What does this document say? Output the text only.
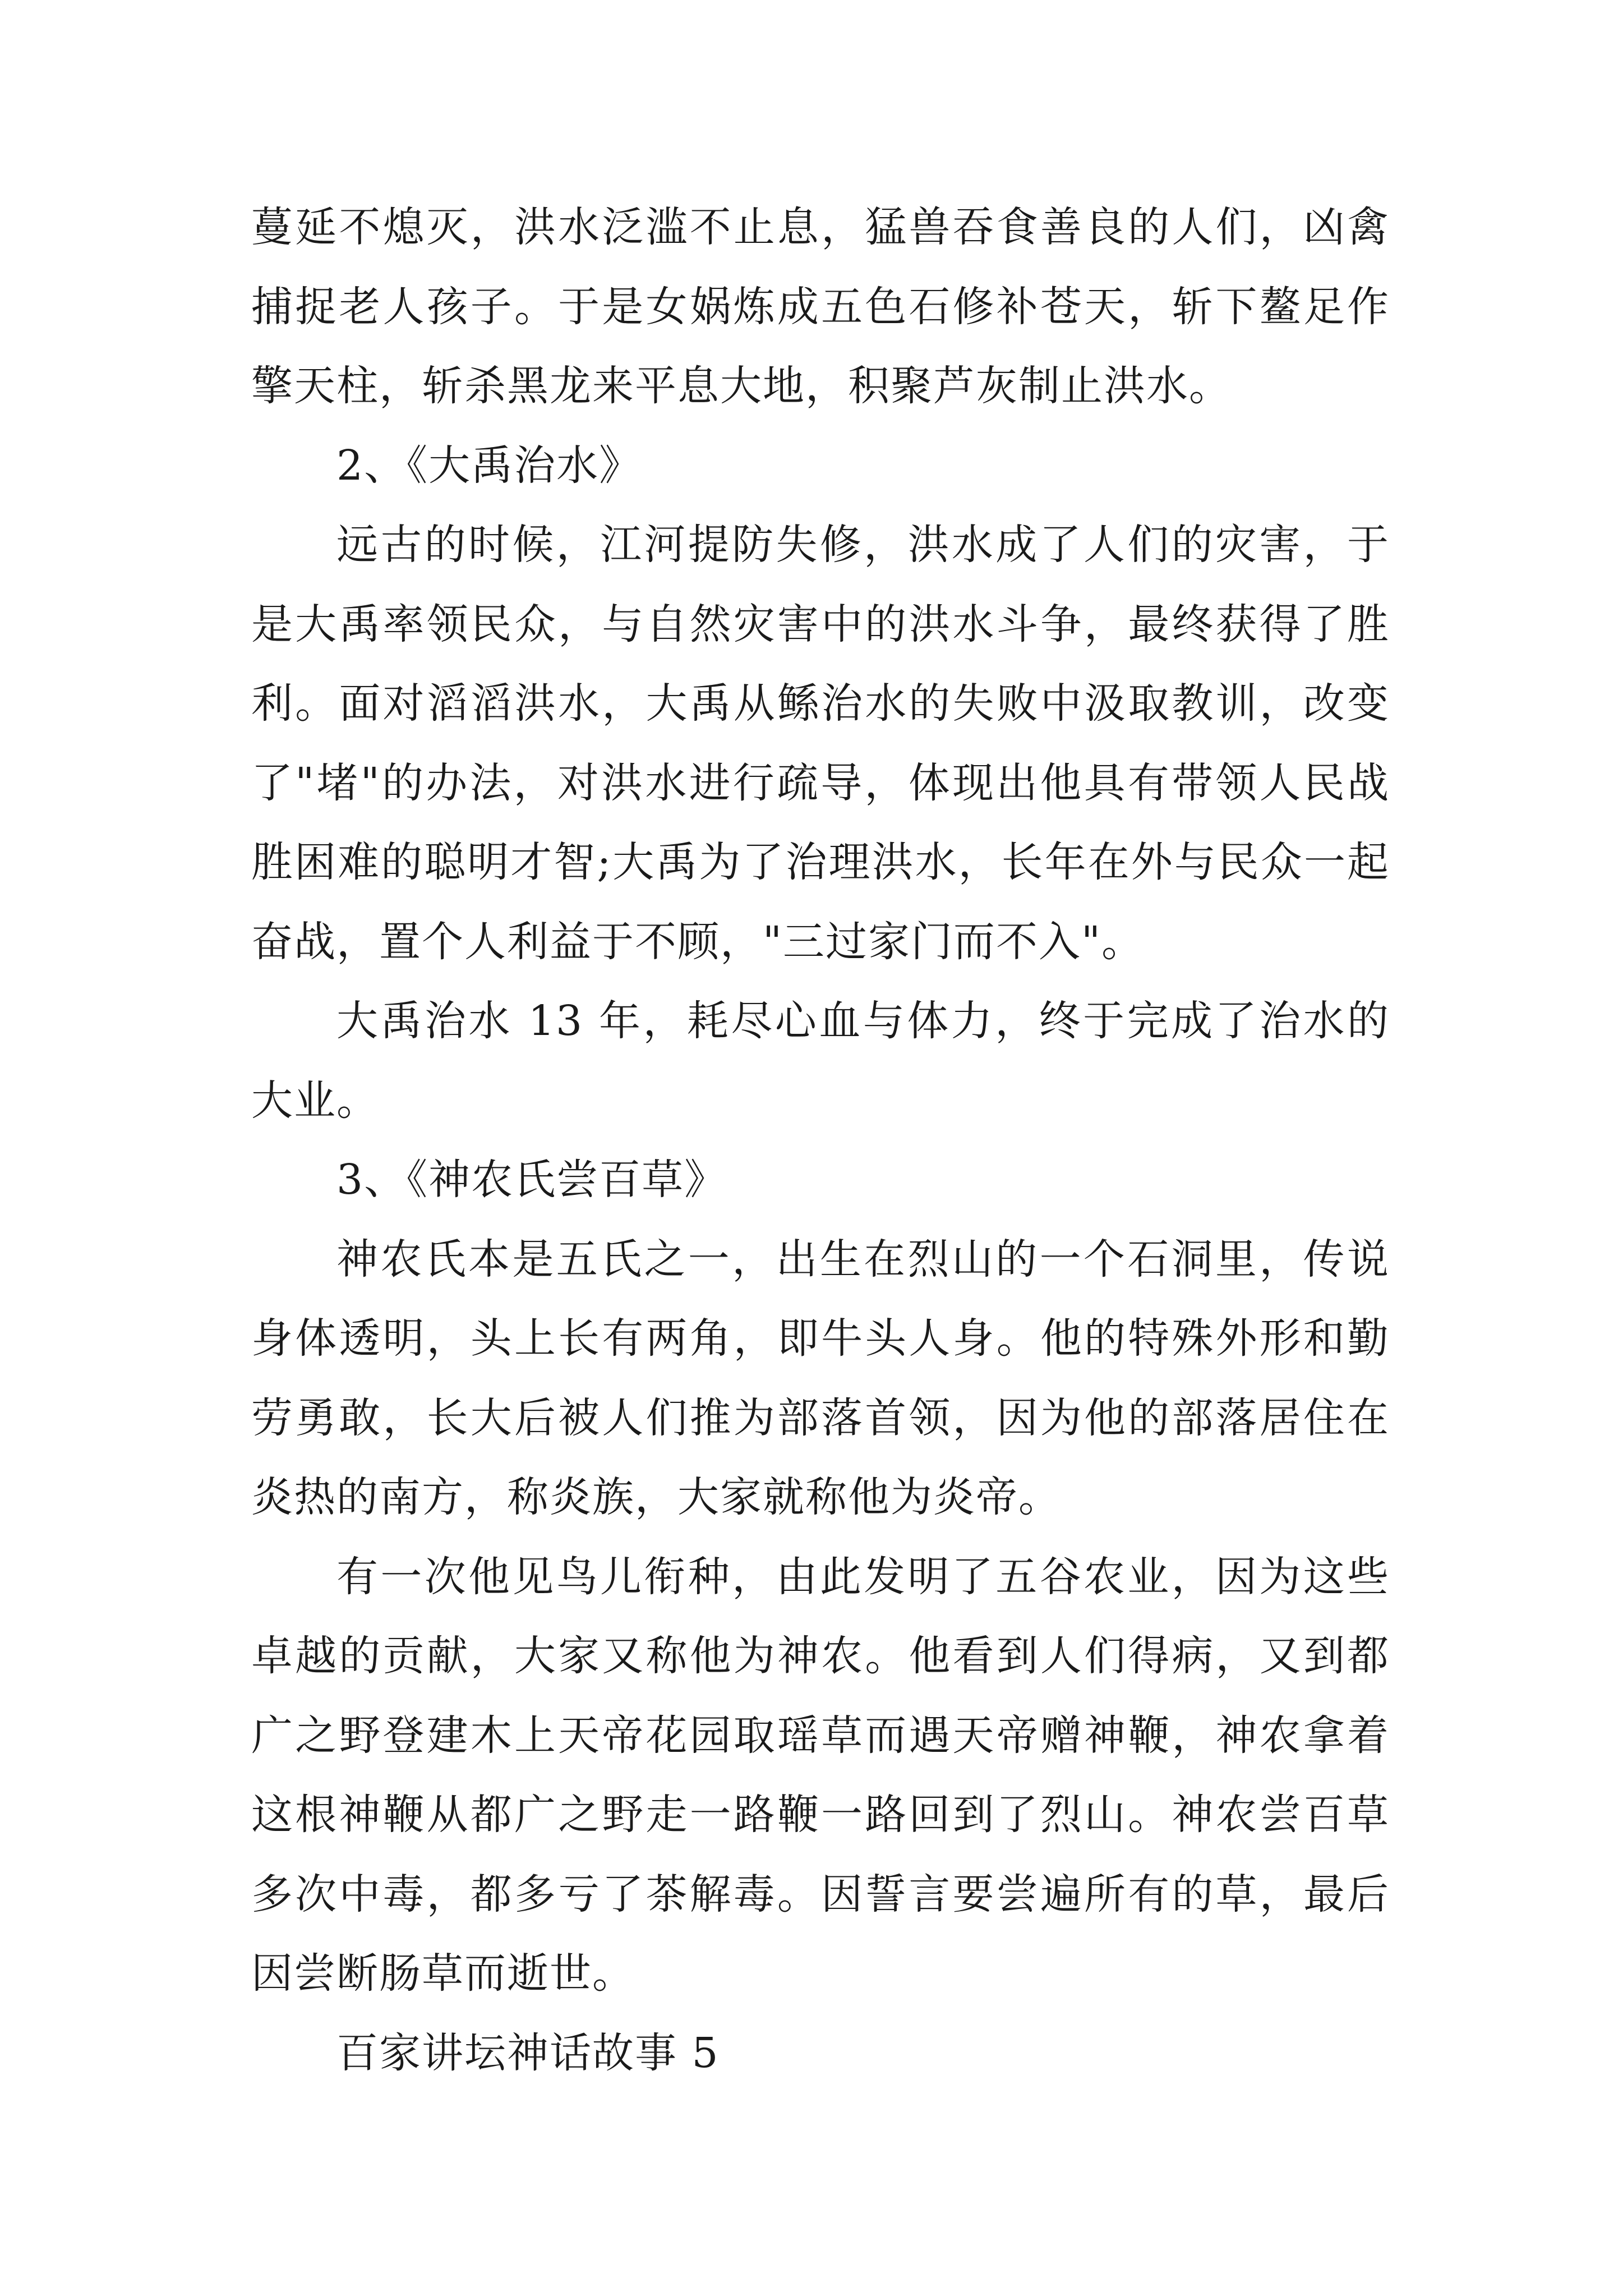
蔓延不熄灭，洪水泛滥不止息，猛兽吞食善良的人们，凶禽捕捉老人孩子。于是女娲炼成五色石修补苍天，斩下鳌足作擎天柱，斩杀黑龙来平息大地，积聚芦灰制止洪水。

2、《大禹治水》

远古的时候，江河提防失修，洪水成了人们的灾害，于是大禹率领民众，与自然灾害中的洪水斗争，最终获得了胜利。面对滔滔洪水，大禹从鲧治水的失败中汲取教训，改变了"堵"的办法，对洪水进行疏导，体现出他具有带领人民战胜困难的聪明才智;大禹为了治理洪水，长年在外与民众一起奋战，置个人利益于不顾，"三过家门而不入"。

大禹治水 13 年，耗尽心血与体力，终于完成了治水的大业。

3、《神农氏尝百草》

神农氏本是五氏之一，出生在烈山的一个石洞里，传说身体透明，头上长有两角，即牛头人身。他的特殊外形和勤劳勇敢，长大后被人们推为部落首领，因为他的部落居住在炎热的南方，称炎族，大家就称他为炎帝。

有一次他见鸟儿衔种，由此发明了五谷农业，因为这些卓越的贡献，大家又称他为神农。他看到人们得病，又到都广之野登建木上天帝花园取瑶草而遇天帝赠神鞭，神农拿着这根神鞭从都广之野走一路鞭一路回到了烈山。神农尝百草多次中毒，都多亏了茶解毒。因誓言要尝遍所有的草，最后因尝断肠草而逝世。

百家讲坛神话故事 5
